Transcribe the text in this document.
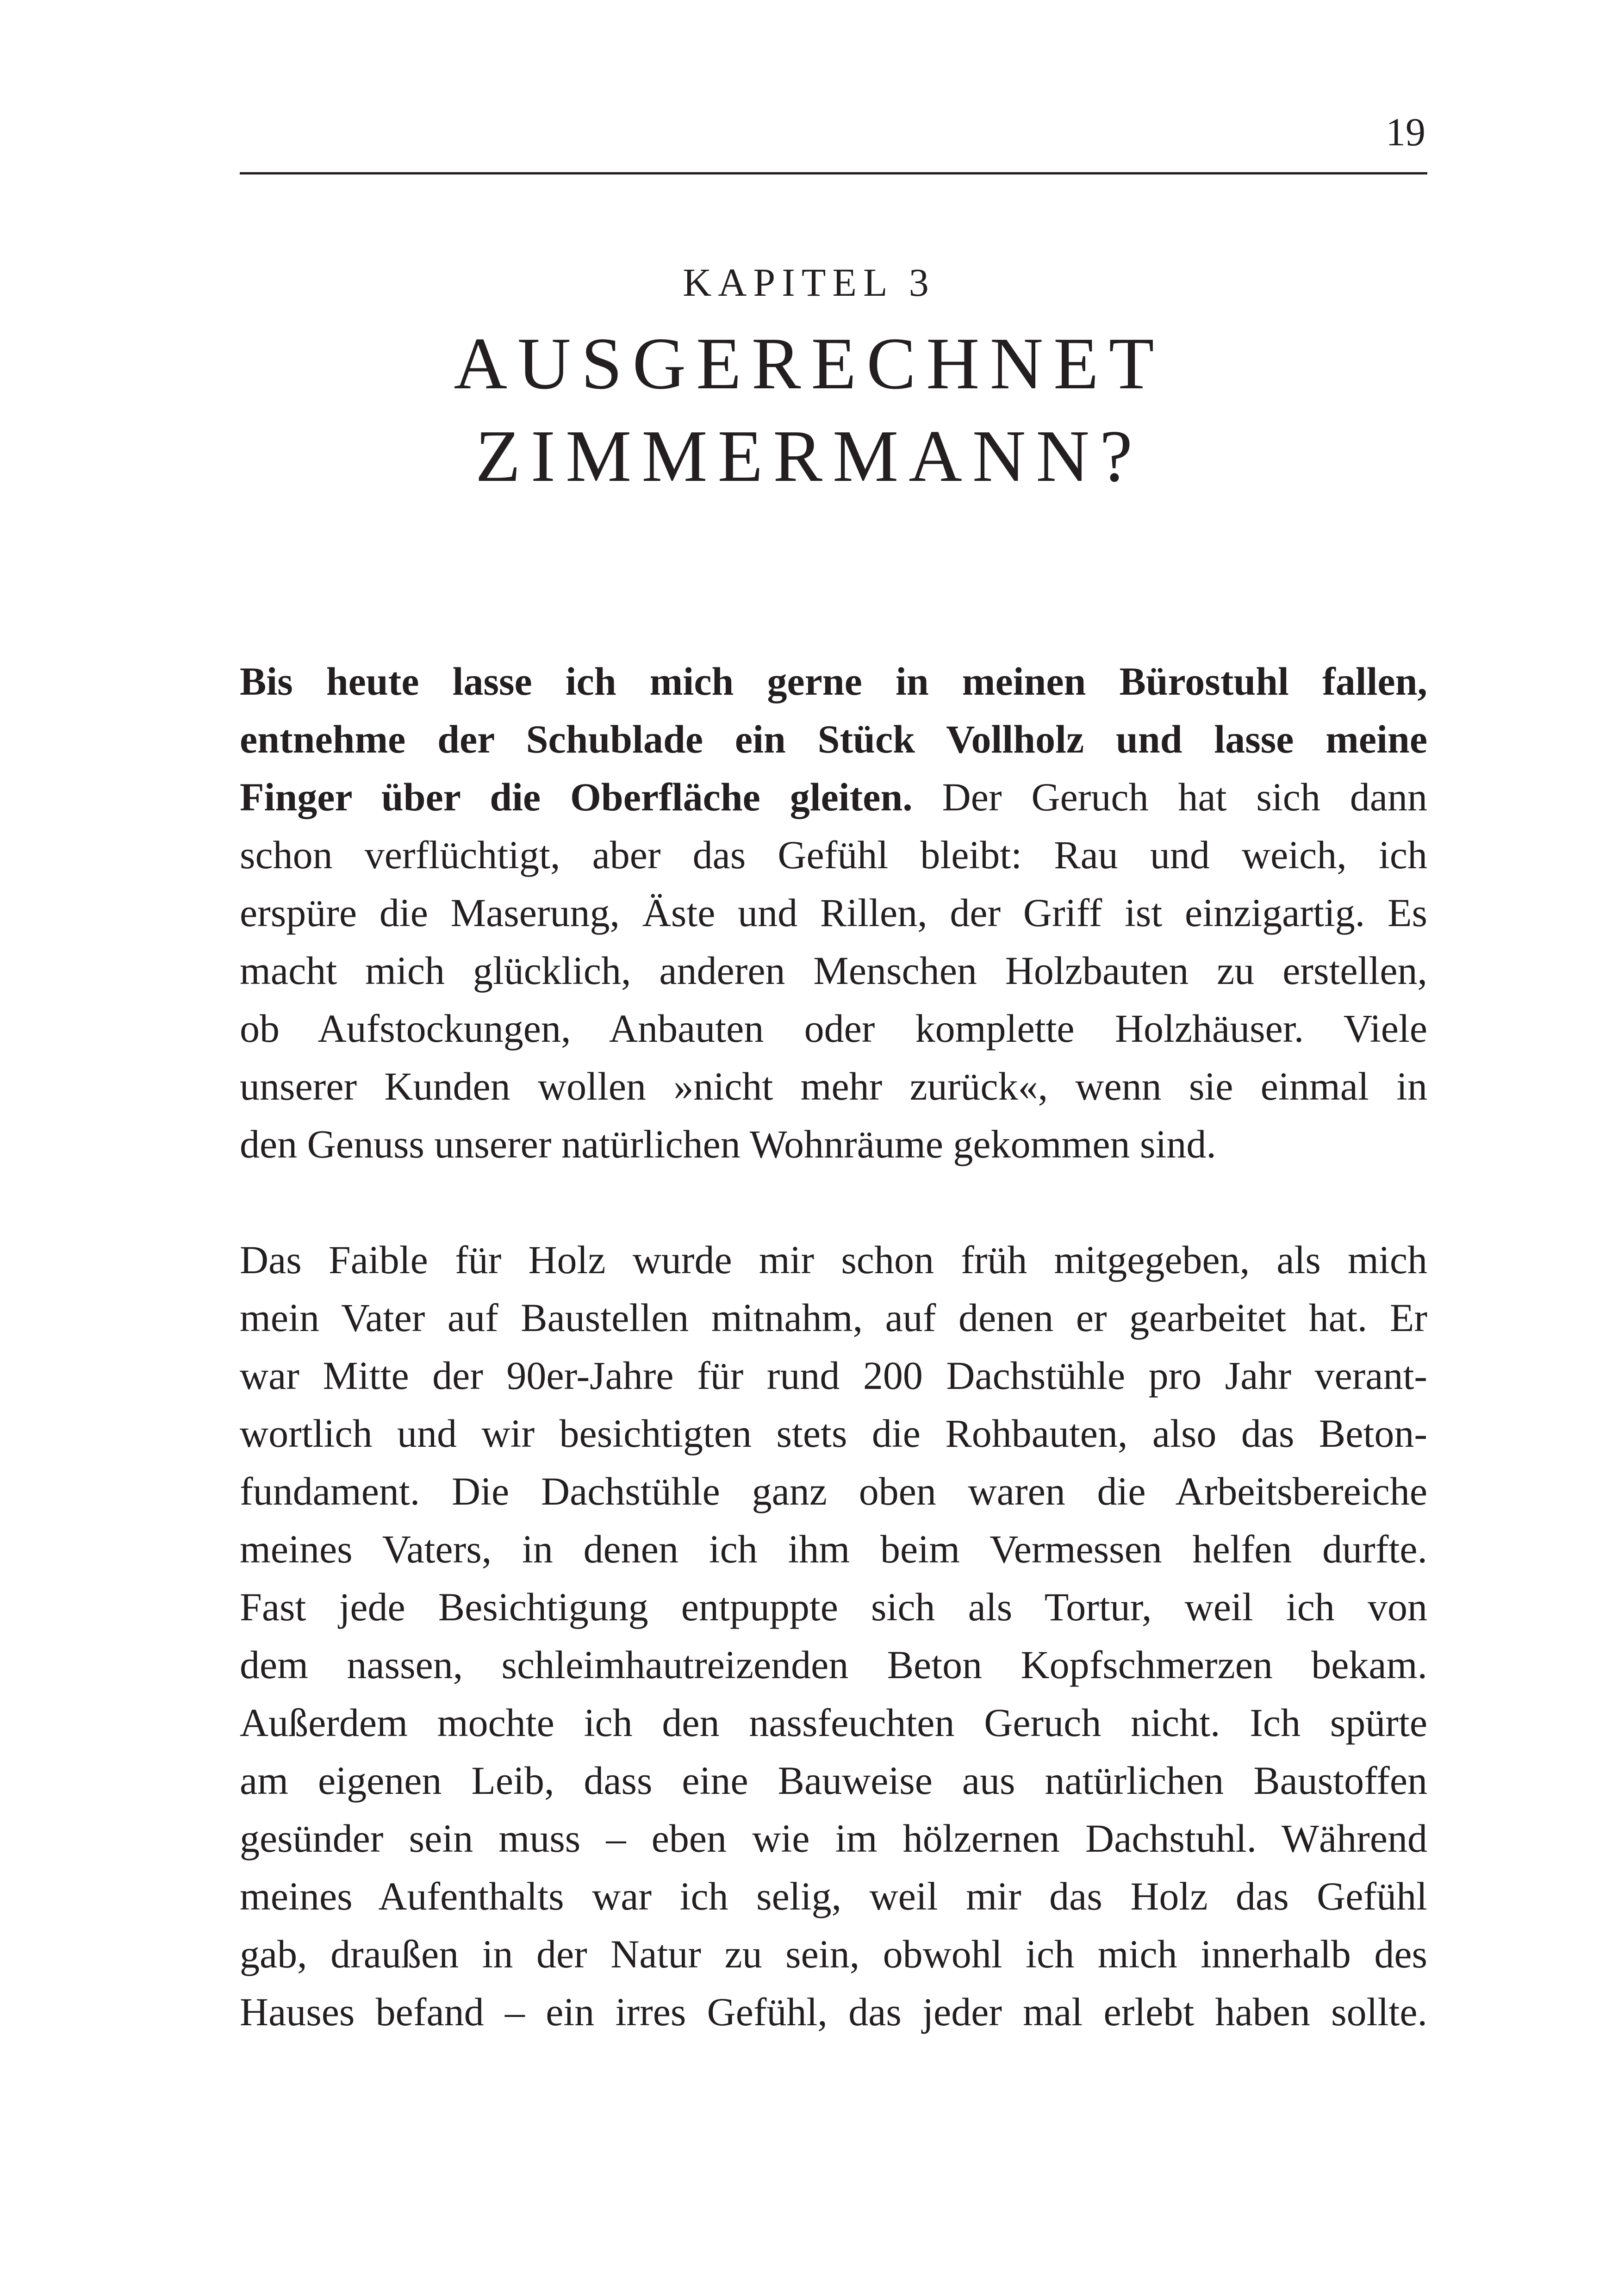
19
KAPITEL 3
AUSGERECHNET
ZIMMERMANN?
Bis heute lasse ich mich gerne in meinen Bürostuhl fallen,
entnehme der Schublade ein Stück Vollholz und lasse meine
Finger über die Oberfläche gleiten. Der Geruch hat sich dann
schon verflüchtigt, aber das Gefühl bleibt: Rau und weich, ich
erspüre die Maserung, Äste und Rillen, der Griff ist einzigartig. Es
macht mich glücklich, anderen Menschen Holzbauten zu erstellen,
ob Aufstockungen, Anbauten oder komplette Holzhäuser. Viele
unserer Kunden wollen »nicht mehr zurück«, wenn sie einmal in
den Genuss unserer natürlichen Wohnräume gekommen sind.
Das Faible für Holz wurde mir schon früh mitgegeben, als mich
mein Vater auf Baustellen mitnahm, auf denen er gearbeitet hat. Er
war Mitte der 90er-Jahre für rund 200 Dachstühle pro Jahr verant-
wortlich und wir besichtigten stets die Rohbauten, also das Beton-
fundament. Die Dachstühle ganz oben waren die Arbeitsbereiche
meines Vaters, in denen ich ihm beim Vermessen helfen durfte.
Fast jede Besichtigung entpuppte sich als Tortur, weil ich von
dem nassen, schleimhautreizenden Beton Kopfschmerzen bekam.
Außerdem mochte ich den nassfeuchten Geruch nicht. Ich spürte
am eigenen Leib, dass eine Bauweise aus natürlichen Baustoffen
gesünder sein muss – eben wie im hölzernen Dachstuhl. Während
meines Aufenthalts war ich selig, weil mir das Holz das Gefühl
gab, draußen in der Natur zu sein, obwohl ich mich innerhalb des
Hauses befand – ein irres Gefühl, das jeder mal erlebt haben sollte.
